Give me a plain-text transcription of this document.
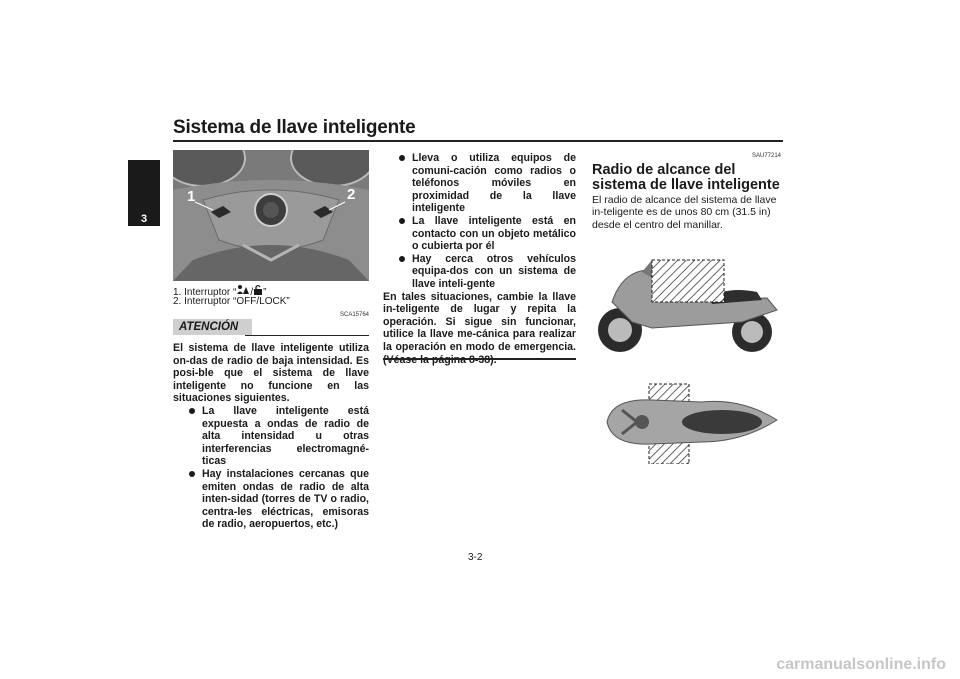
Sistema de llave inteligente
3
1	2
1. Interruptor “ / ”
2. Interruptor “OFF/LOCK”
SCA15764
ATENCIÓN
El sistema de llave inteligente utiliza on-das de radio de baja intensidad. Es posi-ble que el sistema de llave inteligente no funcione en las situaciones siguientes.
La llave inteligente está expuesta a ondas de radio de alta intensidad u otras interferencias electromagné-ticas
Hay instalaciones cercanas que emiten ondas de radio de alta inten-sidad (torres de TV o radio, centra-les eléctricas, emisoras de radio, aeropuertos, etc.)
Lleva o utiliza equipos de comuni-cación como radios o teléfonos móviles en proximidad de la llave inteligente
La llave inteligente está en contacto con un objeto metálico o cubierta por él
Hay cerca otros vehículos equipa-dos con un sistema de llave inteli-gente
En tales situaciones, cambie la llave in-teligente de lugar y repita la operación. Si sigue sin funcionar, utilice la llave me-cánica para realizar la operación en modo de emergencia.
SAU77214
Radio de alcance del sistema de llave inteligente
El radio de alcance del sistema de llave in-teligente es de unos 80 cm (31.5 in) desde el centro del manillar.
3-2
carmanualsonline.info
